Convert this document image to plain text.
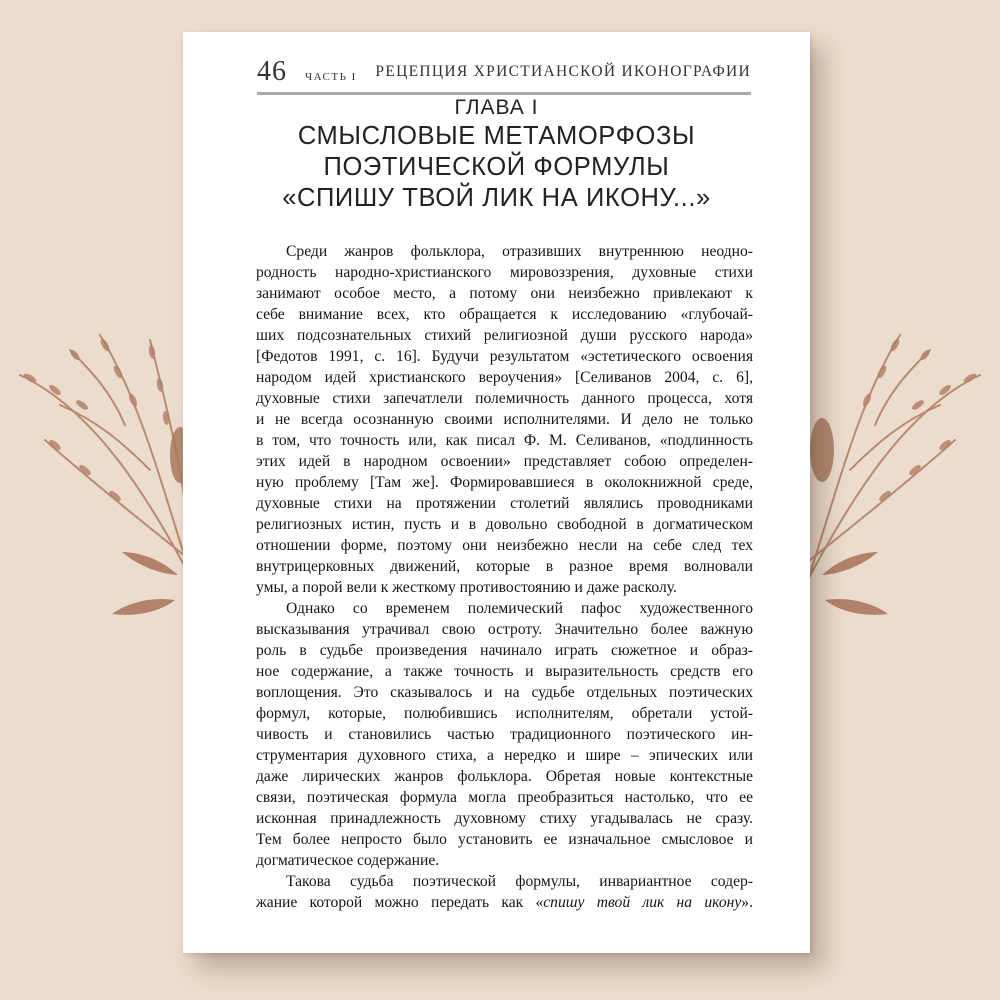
46 ЧАСТЬ I РЕЦЕПЦИЯ ХРИСТИАНСКОЙ ИКОНОГРАФИИ
ГЛАВА I
СМЫСЛОВЫЕ МЕТАМОРФОЗЫ
ПОЭТИЧЕСКОЙ ФОРМУЛЫ
«СПИШУ ТВОЙ ЛИК НА ИКОНУ...»
Среди жанров фольклора, отразивших внутреннюю неодно-
родность народно-христианского мировоззрения, духовные стихи
занимают особое место, а потому они неизбежно привлекают к
себе внимание всех, кто обращается к исследованию «глубочай-
ших подсознательных стихий религиозной души русского народа»
[Федотов 1991, с. 16]. Будучи результатом «эстетического освоения
народом идей христианского вероучения» [Селиванов 2004, с. 6],
духовные стихи запечатлели полемичность данного процесса, хотя
и не всегда осознанную своими исполнителями. И дело не только
в том, что точность или, как писал Ф. М. Селиванов, «подлинность
этих идей в народном освоении» представляет собою определен-
ную проблему [Там же]. Формировавшиеся в околокнижной среде,
духовные стихи на протяжении столетий являлись проводниками
религиозных истин, пусть и в довольно свободной в догматическом
отношении форме, поэтому они неизбежно несли на себе след тех
внутрицерковных движений, которые в разное время волновали
умы, а порой вели к жесткому противостоянию и даже расколу.
Однако со временем полемический пафос художественного
высказывания утрачивал свою остроту. Значительно более важную
роль в судьбе произведения начинало играть сюжетное и образ-
ное содержание, а также точность и выразительность средств его
воплощения. Это сказывалось и на судьбе отдельных поэтических
формул, которые, полюбившись исполнителям, обретали устой-
чивость и становились частью традиционного поэтического ин-
струментария духовного стиха, а нередко и шире – эпических или
даже лирических жанров фольклора. Обретая новые контекстные
связи, поэтическая формула могла преобразиться настолько, что ее
исконная принадлежность духовному стиху угадывалась не сразу.
Тем более непросто было установить ее изначальное смысловое и
догматическое содержание.
Такова судьба поэтической формулы, инвариантное содер-
жание которой можно передать как «спишу твой лик на икону».
